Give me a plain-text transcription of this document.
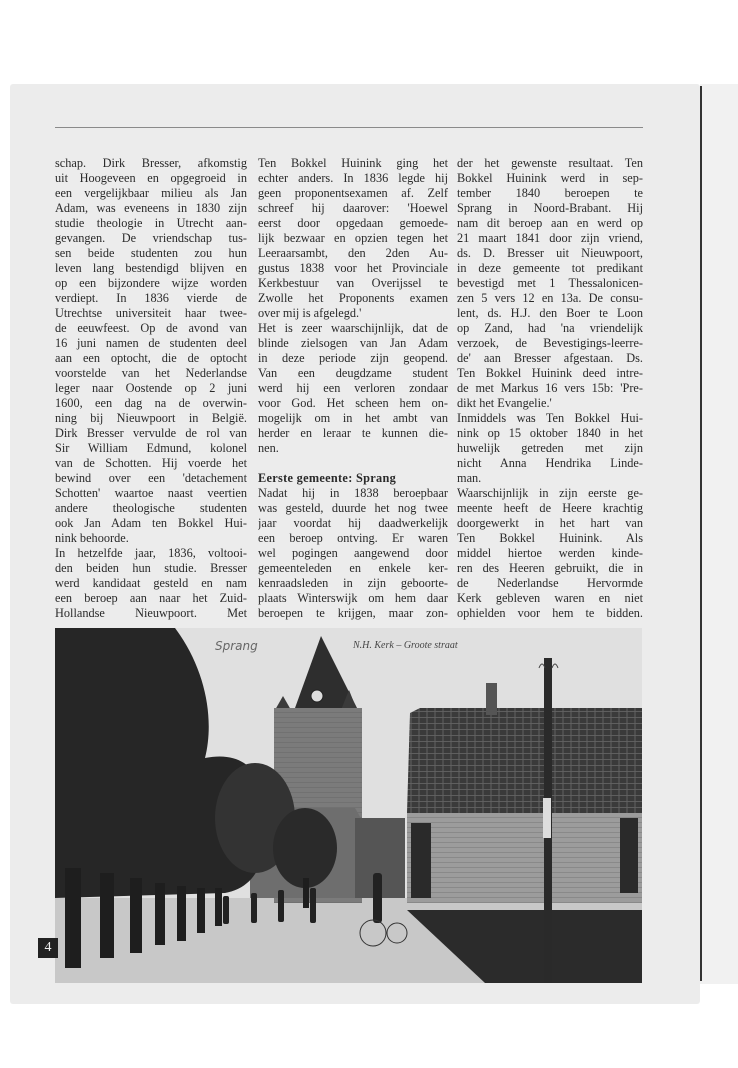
schap. Dirk Bresser, afkomstig
uit Hoogeveen en opgegroeid in
een vergelijkbaar milieu als Jan
Adam, was eveneens in 1830 zijn
studie theologie in Utrecht aan-
gevangen. De vriendschap tus-
sen beide studenten zou hun
leven lang bestendigd blijven en
op een bijzondere wijze worden
verdiept. In 1836 vierde de
Utrechtse universiteit haar twee-
de eeuwfeest. Op de avond van
16 juni namen de studenten deel
aan een optocht, die de optocht
voorstelde van het Nederlandse
leger naar Oostende op 2 juni
1600, een dag na de overwin-
ning bij Nieuwpoort in België.
Dirk Bresser vervulde de rol van
Sir William Edmund, kolonel
van de Schotten. Hij voerde het
bewind over een 'detachement
Schotten' waartoe naast veertien
andere theologische studenten
ook Jan Adam ten Bokkel Hui-
nink behoorde.
In hetzelfde jaar, 1836, voltooi-
den beiden hun studie. Bresser
werd kandidaat gesteld en nam
een beroep aan naar het Zuid-
Hollandse Nieuwpoort. Met
Ten Bokkel Huinink ging het
echter anders. In 1836 legde hij
geen proponentsexamen af. Zelf
schreef hij daarover: 'Hoewel
eerst door opgedaan gemoede-
lijk bezwaar en opzien tegen het
Leeraarsambt, den 2den Au-
gustus 1838 voor het Provinciale
Kerkbestuur van Overijssel te
Zwolle het Proponents examen
over mij is afgelegd.'
Het is zeer waarschijnlijk, dat de
blinde zielsogen van Jan Adam
in deze periode zijn geopend.
Van een deugdzame student
werd hij een verloren zondaar
voor God. Het scheen hem on-
mogelijk om in het ambt van
herder en leraar te kunnen die-
nen.
Eerste gemeente: Sprang
Nadat hij in 1838 beroepbaar
was gesteld, duurde het nog twee
jaar voordat hij daadwerkelijk
een beroep ontving. Er waren
wel pogingen aangewend door
gemeenteleden en enkele ker-
kenraadsleden in zijn geboorte-
plaats Winterswijk om hem daar
beroepen te krijgen, maar zon-
der het gewenste resultaat. Ten
Bokkel Huinink werd in sep-
tember 1840 beroepen te
Sprang in Noord-Brabant. Hij
nam dit beroep aan en werd op
21 maart 1841 door zijn vriend,
ds. D. Bresser uit Nieuwpoort,
in deze gemeente tot predikant
bevestigd met 1 Thessalonicen-
zen 5 vers 12 en 13a. De consu-
lent, ds. H.J. den Boer te Loon
op Zand, had 'na vriendelijk
verzoek, de Bevestigings-leerre-
de' aan Bresser afgestaan. Ds.
Ten Bokkel Huinink deed intre-
de met Markus 16 vers 15b: 'Pre-
dikt het Evangelie.'
Inmiddels was Ten Bokkel Hui-
nink op 15 oktober 1840 in het
huwelijk getreden met zijn
nicht Anna Hendrika Linde-
man.
Waarschijnlijk in zijn eerste ge-
meente heeft de Heere krachtig
doorgewerkt in het hart van
Ten Bokkel Huinink. Als
middel hiertoe werden kinde-
ren des Heeren gebruikt, die in
de Nederlandse Hervormde
Kerk gebleven waren en niet
ophielden voor hem te bidden.
Sprang	N.H. Kerk – Groote straat
4
